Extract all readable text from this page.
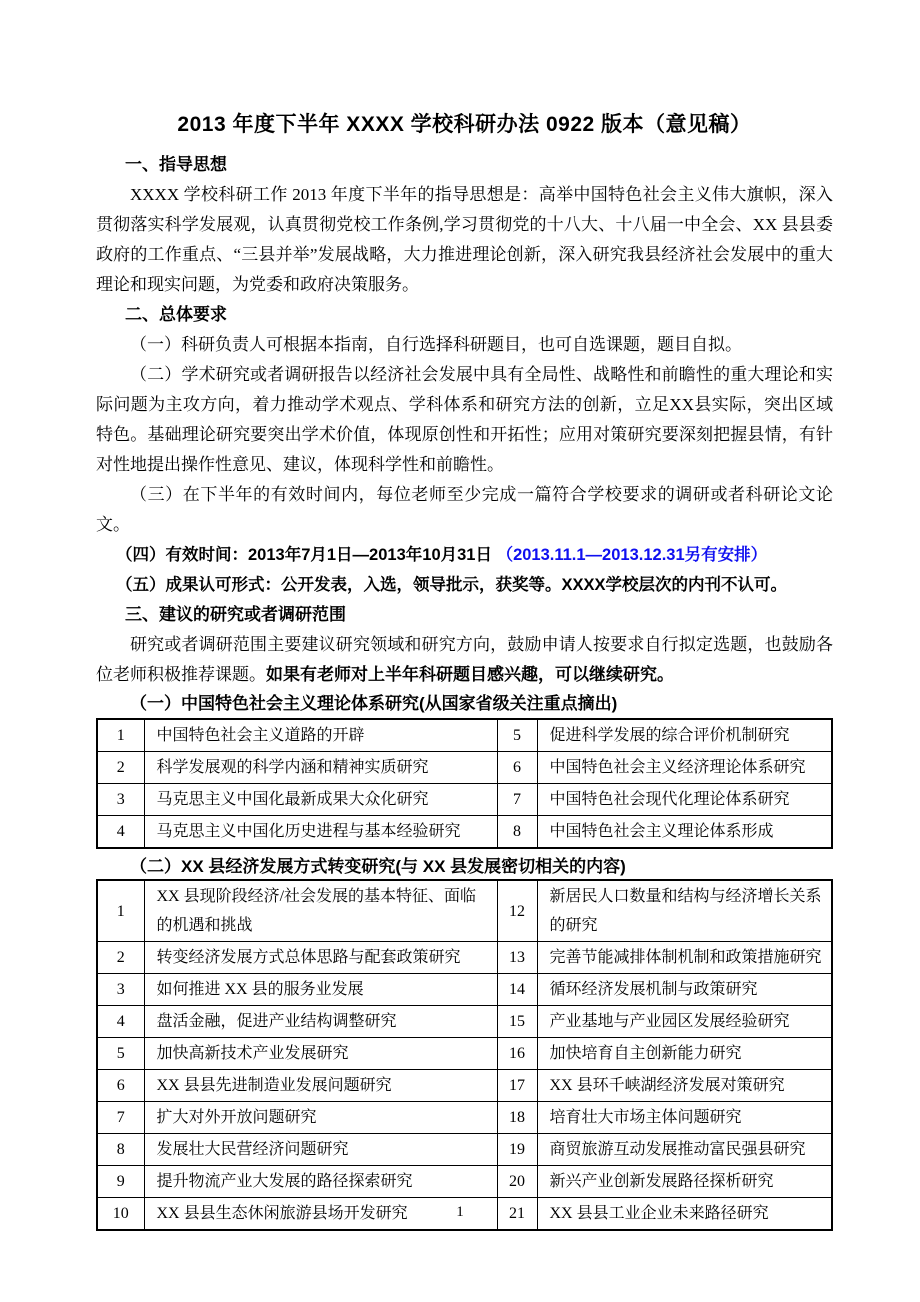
2013 年度下半年 XXXX 学校科研办法 0922 版本（意见稿）
一、指导思想

XXXX 学校科研工作 2013 年度下半年的指导思想是：高举中国特色社会主义伟大旗帜，深入贯彻落实科学发展观，认真贯彻党校工作条例,学习贯彻党的十八大、十八届一中全会、XX 县县委政府的工作重点、“三县并举”发展战略，大力推进理论创新，深入研究我县经济社会发展中的重大理论和现实问题，为党委和政府决策服务。

二、总体要求

（一）科研负责人可根据本指南，自行选择科研题目，也可自选课题，题目自拟。

（二）学术研究或者调研报告以经济社会发展中具有全局性、战略性和前瞻性的重大理论和实际问题为主攻方向，着力推动学术观点、学科体系和研究方法的创新，立足XX县实际，突出区域特色。基础理论研究要突出学术价值，体现原创性和开拓性；应用对策研究要深刻把握县情，有针对性地提出操作性意见、建议，体现科学性和前瞻性。

（三）在下半年的有效时间内，每位老师至少完成一篇符合学校要求的调研或者科研论文论文。

（四）有效时间：2013年7月1日—2013年10月31日 （2013.11.1—2013.12.31另有安排）

（五）成果认可形式：公开发表，入选，领导批示，获奖等。XXXX学校层次的内刊不认可。

三、建议的研究或者调研范围

研究或者调研范围主要建议研究领域和研究方向，鼓励申请人按要求自行拟定选题，也鼓励各位老师积极推荐课题。如果有老师对上半年科研题目感兴趣，可以继续研究。

（一）中国特色社会主义理论体系研究(从国家省级关注重点摘出)
1	中国特色社会主义道路的开辟	5	促进科学发展的综合评价机制研究
2	科学发展观的科学内涵和精神实质研究	6	中国特色社会主义经济理论体系研究
3	马克思主义中国化最新成果大众化研究	7	中国特色社会现代化理论体系研究
4	马克思主义中国化历史进程与基本经验研究	8	中国特色社会主义理论体系形成
（二）XX 县经济发展方式转变研究(与 XX 县发展密切相关的内容)
1	XX 县现阶段经济/社会发展的基本特征、面临的机遇和挑战	12	新居民人口数量和结构与经济增长关系的研究
2	转变经济发展方式总体思路与配套政策研究	13	完善节能减排体制机制和政策措施研究
3	如何推进 XX 县的服务业发展	14	循环经济发展机制与政策研究
4	盘活金融，促进产业结构调整研究	15	产业基地与产业园区发展经验研究
5	加快高新技术产业发展研究	16	加快培育自主创新能力研究
6	XX 县县先进制造业发展问题研究	17	XX 县环千峡湖经济发展对策研究
7	扩大对外开放问题研究	18	培育壮大市场主体问题研究
8	发展壮大民营经济问题研究	19	商贸旅游互动发展推动富民强县研究
9	提升物流产业大发展的路径探索研究	20	新兴产业创新发展路径探析研究
10	XX 县县生态休闲旅游县场开发研究	21	XX 县县工业企业未来路径研究
1
